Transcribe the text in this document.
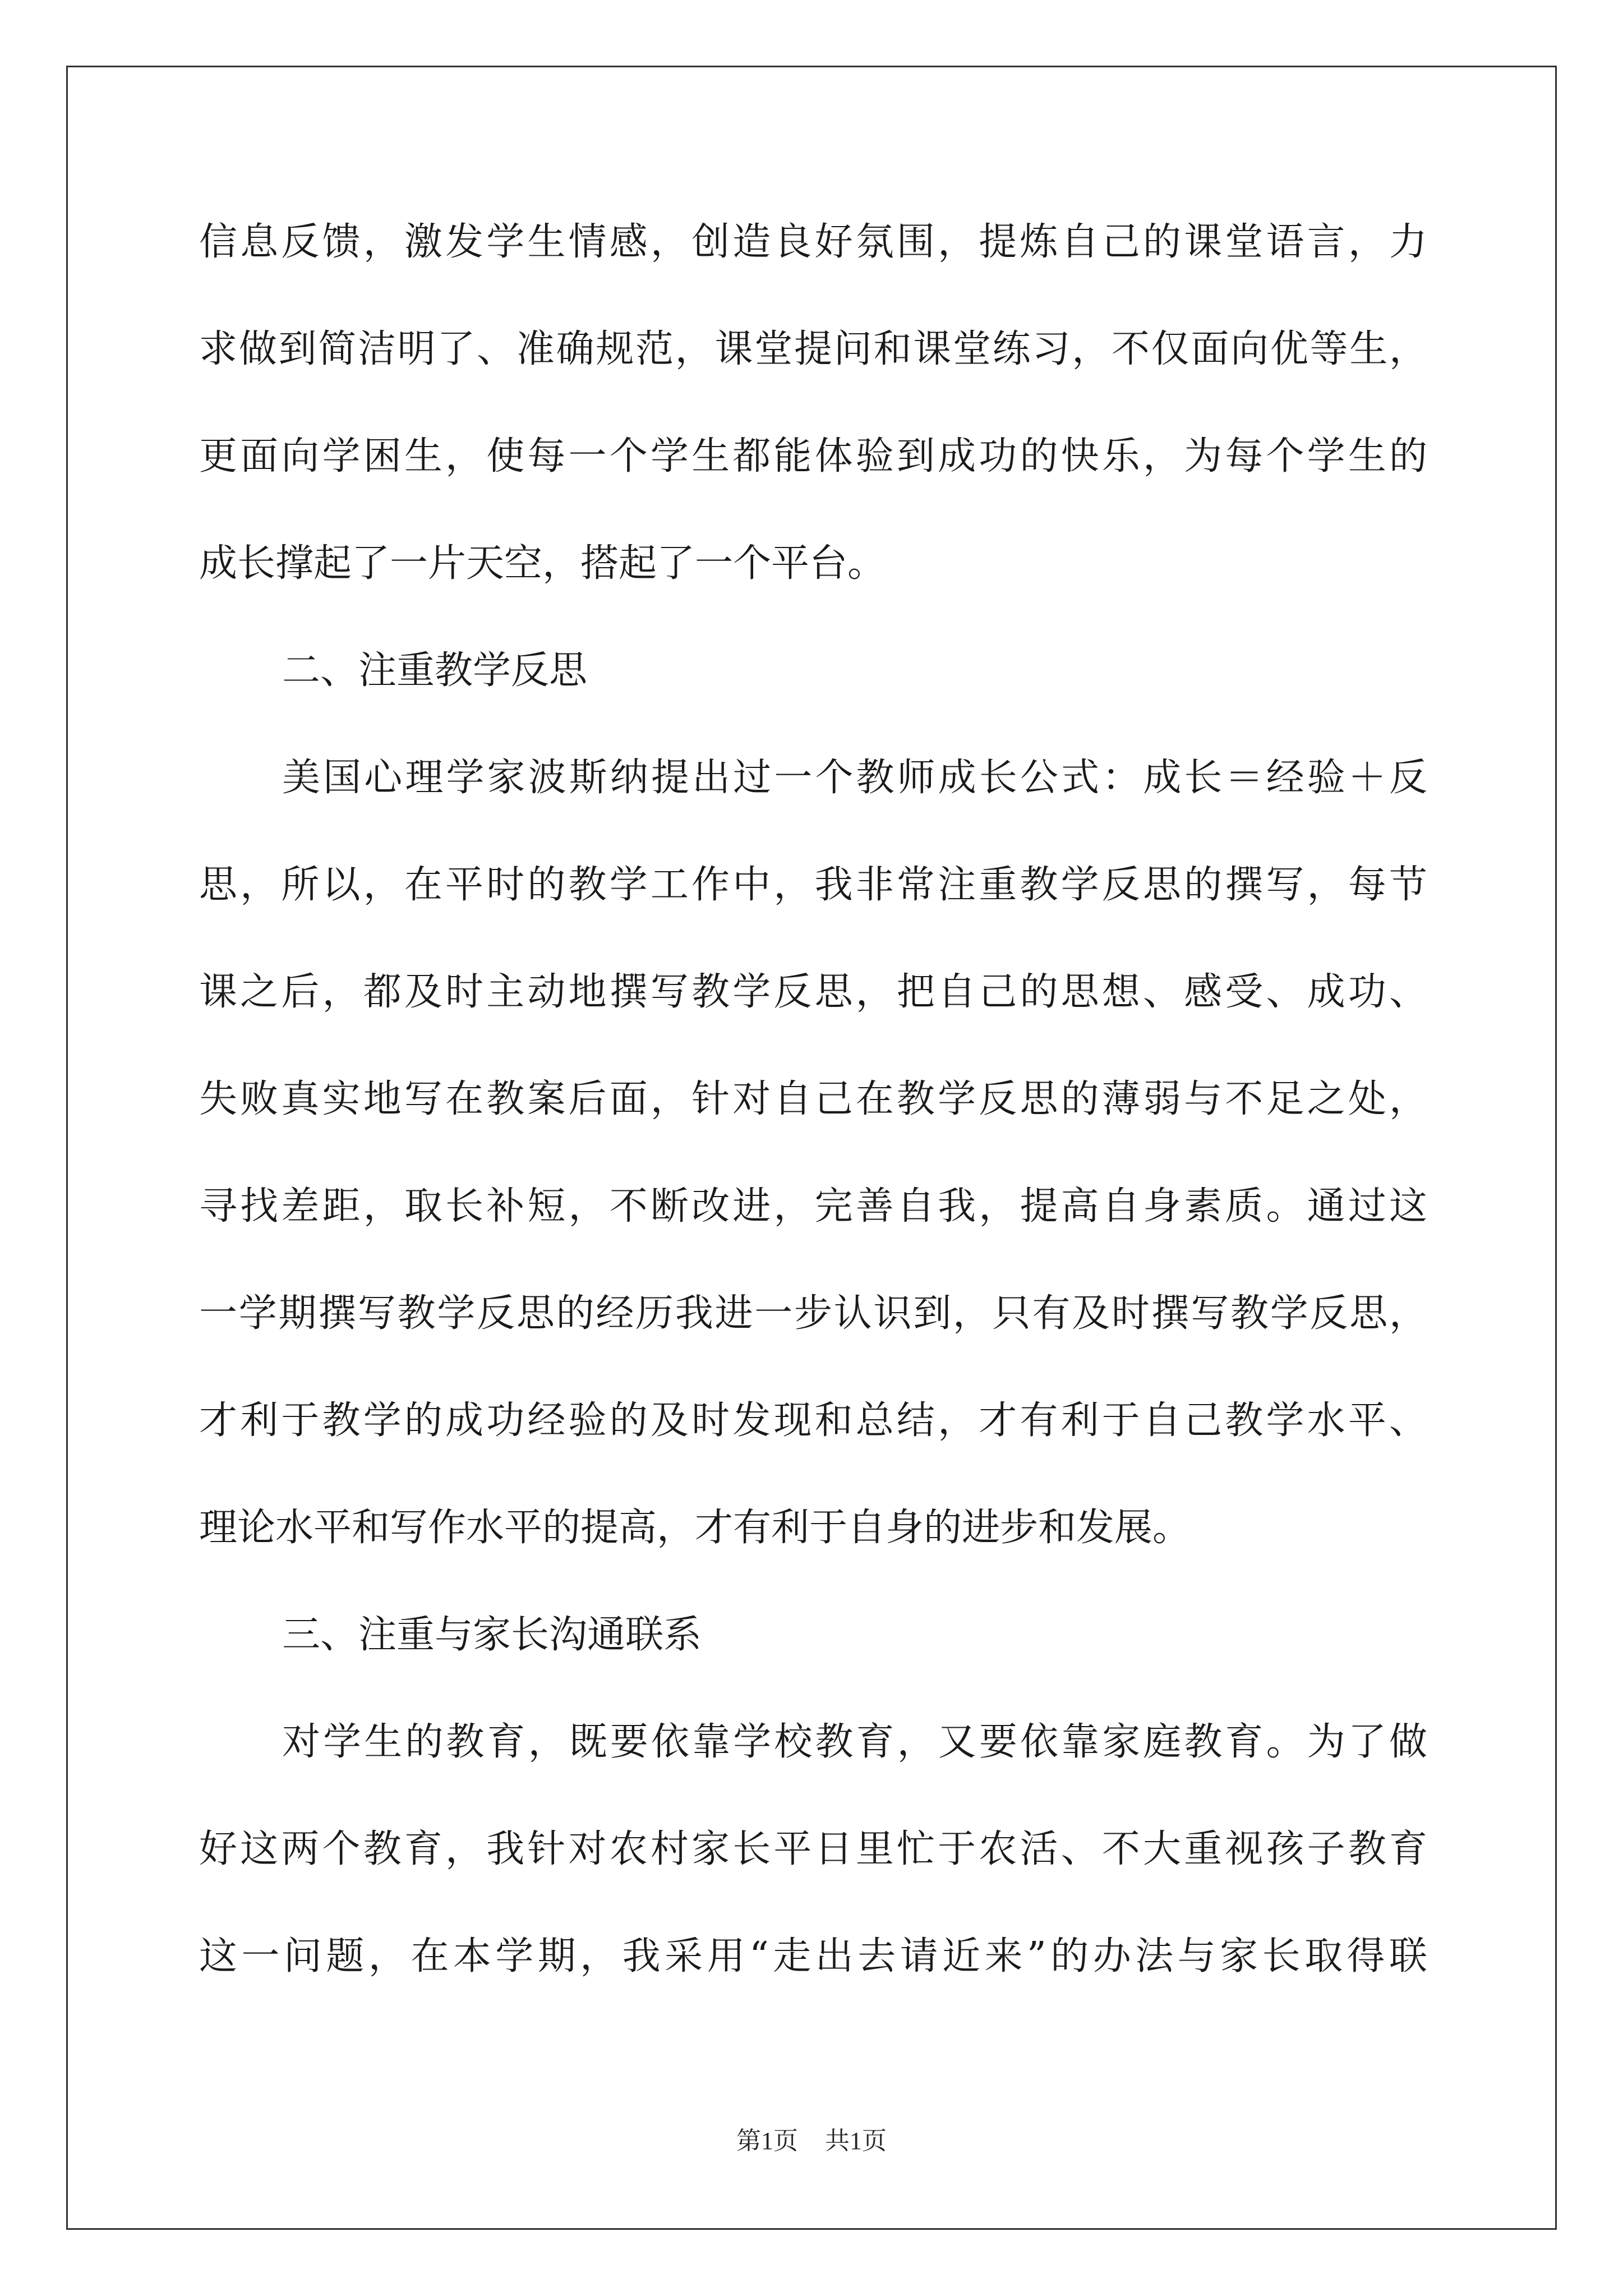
信息反馈，激发学生情感，创造良好氛围，提炼自己的课堂语言，力
求做到简洁明了、准确规范，课堂提问和课堂练习，不仅面向优等生，
更面向学困生，使每一个学生都能体验到成功的快乐，为每个学生的
成长撑起了一片天空，搭起了一个平台。
二、注重教学反思
美国心理学家波斯纳提出过一个教师成长公式：成长＝经验＋反
思，所以，在平时的教学工作中，我非常注重教学反思的撰写，每节
课之后，都及时主动地撰写教学反思，把自己的思想、感受、成功、
失败真实地写在教案后面，针对自己在教学反思的薄弱与不足之处，
寻找差距，取长补短，不断改进，完善自我，提高自身素质。通过这
一学期撰写教学反思的经历我进一步认识到，只有及时撰写教学反思，
才利于教学的成功经验的及时发现和总结，才有利于自己教学水平、
理论水平和写作水平的提高，才有利于自身的进步和发展。
三、注重与家长沟通联系
对学生的教育，既要依靠学校教育，又要依靠家庭教育。为了做
好这两个教育，我针对农村家长平日里忙于农活、不大重视孩子教育
这一问题，在本学期，我采用“走出去请近来”的办法与家长取得联
第1页 共1页
